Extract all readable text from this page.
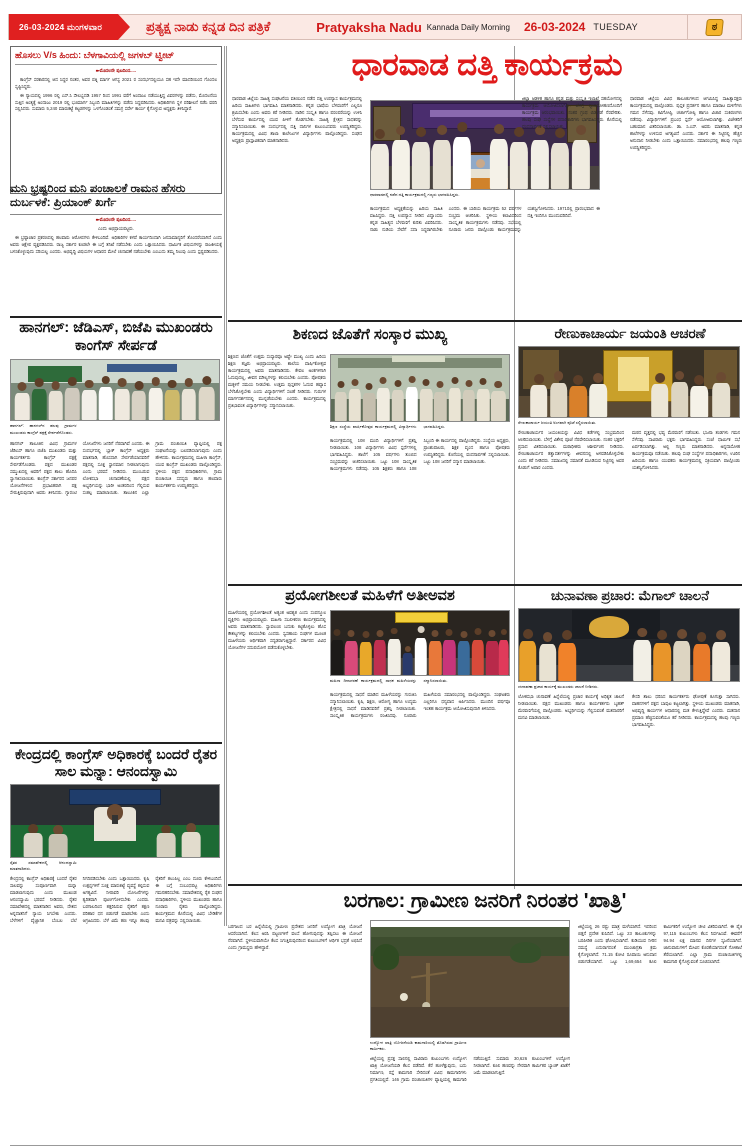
26-03-2024 ಮಂಗಳವಾರ	ಪ್ರತ್ಯಕ್ಷ ನಾಡು ಕನ್ನಡ ದಿನ ಪತ್ರಿಕೆ	Pratyaksha Nadu Kannada Daily Morning 26-03-2024 TUESDAY	ಠ
ಹೊಸಲು V/s ಹಿಂದು: ಬೆಳಗಾವಿಯಲ್ಲಿ ಜಗಳಬ್ ಟ್ವೀಟ್

➨ಮೊದಲನೇ ಪುಟದಿಂದ.....

ಕಾಂಗ್ರೆಸ್ ಸರಕಾರದಲ್ಲಿ ಆದ ಸಿದ್ಧರ ನಂತರ, ಅವರ ಪತ್ನಿ ಮಾರ್ಗ ಆಗಸ್ಟ 2021 ರ ಸಂದರ್ಭದಲ್ಲಿಯೂ ಸಹ ಇದೇ ಮಾದರಿಯಿಂದ ಗೊಂದಲ ಸೃಷ್ಟಿಸಿದ್ದರು.

ಈ ನ್ಯಾಯದಲ್ಲಿ 1996 ರಲ್ಲಿ ಎಸ್.ಸಿ ಸೌಲಭ್ಯದಡಿ 1957 ರಿಂದ 1991 ವರೆಗೆ ಅಂದಾಜು ನಡೆಯುತ್ತಿದ್ದ ವಿವರಗಳನ್ನು ಪಡೆದು, ಮೊದಲನೆಯ ಸುತ್ತಿನ ಅಂತ್ಯಕ್ಕೆ ಅಂದಾಜು 2019 ರಲ್ಲಿ ಭೂಮಾರ್ಗ ಸಿಬ್ಬಂದಿ ಮಾಹಿತಿಗಳನ್ನು ಪಡೆದು ಸಿದ್ಧಪಡಿಸಿದರು. ಅಧಿಕಾರಿಗಳು ಸ್ಥಳ ಪರಿಶೀಲನೆ ನಡೆಸಿ ವರದಿ ಸಲ್ಲಿಸಿದರು. ಸುಮಾರು 5,240 ಮಾರುಕಟ್ಟೆ ಕಟ್ಟಡಗಳನ್ನು ಒಳಗೊಂಡಂತೆ ಸಮಗ್ರ ಸರ್ವೇ ಕಾರ್ಯ ಕೈಗೊಳ್ಳುವ ಅಧ್ಯಕ್ಷರು ತಿಳಿಸಿದ್ದಾರೆ.

ಮನಿ ಭ್ರಷ್ಟರಿಂದ ಮನಿ ಪಂಚಾಲಕೆ ರಾಮನ ಹೆಸರು ದುರ್ಬಳಕೆ: ಪ್ರಿಯಾಂಕ್ ಖರ್ಗೆ

➨ಮೊದಲನೇ ಪುಟದಿಂದ.....

ಎಂದು ಅಭಿಪ್ರಾಯಪಟ್ಟರು.

ಈ ಭ್ರಷ್ಟಾಚಾರ ಪ್ರಕರಣದಲ್ಲಿ ಹಲವಾರು ಆರೋಪಗಳು ಕೇಳಿಬಂದಿವೆ. ಅಧಿಕಾರಿಗಳ ಕಳಪೆ ಕಾರ್ಯದಿಂದಾಗಿ ಜನಸಾಮಾನ್ಯರಿಗೆ ತೊಂದರೆಯಾಗಿದೆ ಎಂದು ಅವರು ಆಕ್ಷೇಪ ವ್ಯಕ್ತಪಡಿಸಿದರು. ರಾಜ್ಯ ಸರ್ಕಾರ ಕೂಡಲೇ ಈ ಬಗ್ಗೆ ತನಿಖೆ ನಡೆಸಬೇಕು ಎಂದು ಒತ್ತಾಯಿಸಿದರು. ಧಾರ್ಮಿಕ ವಿಷಯಗಳನ್ನು ರಾಜಕೀಯಕ್ಕೆ ಬಳಸಿಕೊಳ್ಳುವುದು ಸರಿಯಲ್ಲ ಎಂದರು. ಅಭಿವೃದ್ಧಿ ವಿಷಯಗಳ ಆಧಾರದ ಮೇಲೆ ಚುನಾವಣೆ ನಡೆಯಬೇಕು ಎಂಬುದು ತಮ್ಮ ನಿಲುವು ಎಂದು ಸ್ಪಷ್ಟಪಡಿಸಿದರು.

ಹಾನಗಲ್: ಜೆಡಿಎಸ್, ಬಿಜೆಪಿ ಮುಖಂಡರು ಕಾಂಗೆಸ್ ಸೇರ್ಪಡೆ
ಹಾನಗಲ್: ಹಾನಗಲ್‌ನ ಹಲವು ಗ್ರಾಮಗಳ ಮುಖಂಡರು ಕಾಂಗ್ರೆಸ್ ಪಕ್ಷಕ್ಕೆ ಸೇರ್ಪಡೆಗೊಂಡರು.
ಹಾನಗಲ್ ತಾಲೂಕಿನ ವಿವಿಧ ಗ್ರಾಮಗಳ ಜೆಡಿಎಸ್ ಹಾಗೂ ಬಿಜೆಪಿ ಮುಖಂಡರು ಮತ್ತು ಕಾರ್ಯಕರ್ತರು ಕಾಂಗ್ರೆಸ್ ಪಕ್ಷಕ್ಕೆ ಸೇರ್ಪಡೆಗೊಂಡರು. ಪಕ್ಷದ ಮುಖಂಡರ ಸಮ್ಮುಖದಲ್ಲಿ ಅವರಿಗೆ ಪಕ್ಷದ ಶಾಲು ಹೊದಿಸಿ ಸ್ವಾಗತಿಸಲಾಯಿತು. ಕಾಂಗ್ರೆಸ್ ಸರ್ಕಾರದ ಜನಪರ ಯೋಜನೆಗಳಿಂದ ಪ್ರಭಾವಿತರಾಗಿ ಪಕ್ಷ ಸೇರುತ್ತಿರುವುದಾಗಿ ಅವರು ತಿಳಿಸಿದರು. ಗ್ಯಾರಂಟಿ ಯೋಜನೆಗಳು ಜನರಿಗೆ ನೆರವಾಗಿವೆ ಎಂದರು. ಈ ಸಂದರ್ಭದಲ್ಲಿ ಬ್ಲಾಕ್ ಕಾಂಗ್ರೆಸ್ ಅಧ್ಯಕ್ಷರು ಮಾತನಾಡಿ, ಹೊಸದಾಗಿ ಸೇರ್ಪಡೆಯಾದವರಿಗೆ ಪಕ್ಷದಲ್ಲಿ ಸೂಕ್ತ ಸ್ಥಾನಮಾನ ನೀಡಲಾಗುವುದು ಎಂದು ಭರವಸೆ ನೀಡಿದರು. ಮುಂಬರುವ ಲೋಕಸಭಾ ಚುನಾವಣೆಯಲ್ಲಿ ಪಕ್ಷದ ಅಭ್ಯರ್ಥಿಯನ್ನು ಭಾರೀ ಅಂತರದಿಂದ ಗೆಲ್ಲಿಸುವ ಸಂಕಲ್ಪ ಮಾಡಲಾಯಿತು. ತಾಲೂಕಿನ ಎಲ್ಲಾ ಗ್ರಾಮ ಪಂಚಾಯಿತಿ ವ್ಯಾಪ್ತಿಯಲ್ಲಿ ಪಕ್ಷ ಸಂಘಟನೆಯನ್ನು ಬಲಪಡಿಸಲಾಗುವುದು ಎಂದು ಹೇಳಿದರು. ಕಾರ್ಯಕ್ರಮದಲ್ಲಿ ಮಹಿಳಾ ಕಾಂಗ್ರೆಸ್, ಯುವ ಕಾಂಗ್ರೆಸ್ ಮುಖಂಡರು ಪಾಲ್ಗೊಂಡಿದ್ದರು. ಸ್ಥಳೀಯ ಪಕ್ಷದ ಪದಾಧಿಕಾರಿಗಳು, ಗ್ರಾಮ ಪಂಚಾಯಿತಿ ಸದಸ್ಯರು ಹಾಗೂ ಹಲವಾರು ಕಾರ್ಯಕರ್ತರು ಉಪಸ್ಥಿತರಿದ್ದರು.
ಕೇಂದ್ರದಲ್ಲಿ ಕಾಂಗ್ರೆಸ್ ಅಧಿಕಾರಕ್ಕೆ ಬಂದರೆ ರೈತರ ಸಾಲ ಮನ್ನಾ: ಆನಂದಸ್ವಾಮಿ
ರೈತರ ಸಮಾವೇಶದಲ್ಲಿ ಆನಂದಸ್ವಾಮಿ ಮಾತನಾಡಿದರು.
ಕೇಂದ್ರದಲ್ಲಿ ಕಾಂಗ್ರೆಸ್ ಅಧಿಕಾರಕ್ಕೆ ಬಂದರೆ ರೈತರ ಸಾಲವನ್ನು ಸಂಪೂರ್ಣವಾಗಿ ಮನ್ನಾ ಮಾಡಲಾಗುವುದು ಎಂದು ಮುಖಂಡ ಆನಂದಸ್ವಾಮಿ ಭರವಸೆ ನೀಡಿದರು. ರೈತರ ಸಮಾವೇಶದಲ್ಲಿ ಮಾತನಾಡಿದ ಅವರು, ದೇಶದ ಅನ್ನದಾತನಿಗೆ ನ್ಯಾಯ ಸಿಗಬೇಕು ಎಂದರು. ಬೆಳೆಗಳಿಗೆ ವೈಜ್ಞಾನಿಕ ಬೆಂಬಲ ಬೆಲೆ ನಿಗದಿಪಡಿಸಬೇಕು ಎಂದು ಒತ್ತಾಯಿಸಿದರು. ಕೃಷಿ ಉತ್ಪನ್ನಗಳಿಗೆ ಸೂಕ್ತ ಮಾರುಕಟ್ಟೆ ವ್ಯವಸ್ಥೆ ಕಲ್ಪಿಸುವ ಅಗತ್ಯವಿದೆ. ನೀರಾವರಿ ಯೋಜನೆಗಳನ್ನು ತ್ವರಿತವಾಗಿ ಪೂರ್ಣಗೊಳಿಸಬೇಕು ಎಂದರು. ಬರಗಾಲದಿಂದ ತತ್ತರಿಸಿರುವ ರೈತರಿಗೆ ತಕ್ಷಣ ಪರಿಹಾರ ಧನ ಬಿಡುಗಡೆ ಮಾಡಬೇಕು ಎಂದು ಆಗ್ರಹಿಸಿದರು. ಬೆಳೆ ವಿಮೆ ಹಣ ಇನ್ನೂ ಹಲವು ರೈತರಿಗೆ ತಲುಪಿಲ್ಲ ಎಂಬ ದೂರು ಕೇಳಿಬಂದಿದೆ. ಈ ಬಗ್ಗೆ ಸಂಬಂಧಪಟ್ಟ ಅಧಿಕಾರಿಗಳು ಗಮನಹರಿಸಬೇಕು. ಸಮಾವೇಶದಲ್ಲಿ ರೈತ ಸಂಘದ ಪದಾಧಿಕಾರಿಗಳು, ಸ್ಥಳೀಯ ಮುಖಂಡರು ಹಾಗೂ ನೂರಾರು ರೈತರು ಪಾಲ್ಗೊಂಡಿದ್ದರು. ಕಾರ್ಯಕ್ರಮದ ಕೊನೆಯಲ್ಲಿ ವಿವಿಧ ಬೇಡಿಕೆಗಳ ಮನವಿ ಪತ್ರವನ್ನು ಸಲ್ಲಿಸಲಾಯಿತು.
ಧಾರವಾಡ ದತ್ತಿ ಕಾರ್ಯಕ್ರಮ
ಧಾರವಾಡ ಜಿಲ್ಲೆಯ ಸಾಹಿತ್ಯ ಸಂಘಟನೆಯ ವತಿಯಿಂದ ನಡೆದ ದತ್ತಿ ಉಪನ್ಯಾಸ ಕಾರ್ಯಕ್ರಮದಲ್ಲಿ ಹಿರಿಯ ಸಾಹಿತಿಗಳು ಭಾಗವಹಿಸಿ ಮಾತನಾಡಿದರು. ಕನ್ನಡ ಭಾಷೆಯ ಬೆಳವಣಿಗೆಗೆ ಎಲ್ಲರೂ ಶ್ರಮಿಸಬೇಕು ಎಂದು ಅವರು ಕರೆ ನೀಡಿದರು. ನಾಡಿನ ಸಂಸ್ಕೃತಿ ಹಾಗೂ ಪರಂಪರೆಯನ್ನು ಉಳಿಸಿ ಬೆಳೆಸುವ ಕಾರ್ಯದಲ್ಲಿ ಯುವ ಪೀಳಿಗೆ ತೊಡಗಬೇಕು. ಸಾಹಿತ್ಯ ಕ್ಷೇತ್ರದ ಸಾಧಕರನ್ನು ಸನ್ಮಾನಿಸಲಾಯಿತು. ಈ ಸಂದರ್ಭದಲ್ಲಿ ದತ್ತಿ ದಾನಿಗಳ ಕುಟುಂಬದವರು ಉಪಸ್ಥಿತರಿದ್ದರು. ಕಾರ್ಯಕ್ರಮದಲ್ಲಿ ವಿವಿಧ ಶಾಲಾ ಕಾಲೇಜುಗಳ ವಿದ್ಯಾರ್ಥಿಗಳು ಪಾಲ್ಗೊಂಡಿದ್ದರು. ಸಂಘದ ಅಧ್ಯಕ್ಷರು ಪ್ರಾಸ್ತಾವಿಕವಾಗಿ ಮಾತನಾಡಿದರು.
ಧಾರವಾಡದಲ್ಲಿ ನಡೆದ ದತ್ತಿ ಕಾರ್ಯಕ್ರಮದಲ್ಲಿ ಗಣ್ಯರು ಭಾಗವಹಿಸಿದ್ದರು.
ಕಾರ್ಯಕ್ರಮದ ಅಧ್ಯಕ್ಷತೆಯನ್ನು ಹಿರಿಯ ಸಾಹಿತಿ ವಹಿಸಿದ್ದರು. ದತ್ತಿ ಉಪನ್ಯಾಸ ನೀಡಿದ ವಿದ್ವಾಂಸರು ಕನ್ನಡ ಸಾಹಿತ್ಯದ ಬೆಳವಣಿಗೆ ಕುರಿತು ವಿವರಿಸಿದರು. ನಾಡು ನುಡಿಯ ಸೇವೆಗೆ ಸದಾ ಸಿದ್ಧರಾಗಿರಬೇಕು ಎಂದರು. ಈ ಬಾರಿಯ ಕಾರ್ಯಕ್ರಮ 52 ವರ್ಷಗಳ ಸಂಭ್ರಮ ಆಚರಿಸಿತು. ಸ್ಥಳೀಯ ಕಲಾವಿದರಿಂದ ಸಾಂಸ್ಕೃತಿಕ ಕಾರ್ಯಕ್ರಮಗಳು ನಡೆದವು. ಸಭೆಯಲ್ಲಿ ನೂರಾರು ಜನರು ಪಾಲ್ಗೊಂಡು ಕಾರ್ಯಕ್ರಮವನ್ನು ಯಶಸ್ವಿಗೊಳಿಸಿದರು. 1971ರಲ್ಲಿ ಪ್ರಾರಂಭವಾದ ಈ ದತ್ತಿ ಇಂದಿಗೂ ಮುಂದುವರಿದಿದೆ.
ಜಿಲ್ಲಾ ಆಡಳಿತ ಹಾಗೂ ಕನ್ನಡ ಮತ್ತು ಸಂಸ್ಕೃತಿ ಇಲಾಖೆ ಸಹಯೋಗದಲ್ಲಿ ಕಾರ್ಯಕ್ರಮ ಆಯೋಜಿಸಲಾಗಿತ್ತು. ಬೆಳಿಗ್ಗೆ ಧ್ವಜಾರೋಹಣದೊಂದಿಗೆ ಕಾರ್ಯಕ್ರಮ ಆರಂಭವಾಯಿತು. ನಂತರ ಗ್ರಂಥ ಬಿಡುಗಡೆ ನೆರವೇರಿತು. ಹಲವು ಸಂಘ ಸಂಸ್ಥೆಗಳ ಪದಾಧಿಕಾರಿಗಳು ಭಾಗವಹಿಸಿದ್ದರು. ಕೊನೆಯಲ್ಲಿ ವಂದನಾರ್ಪಣೆ ಸಲ್ಲಿಸಲಾಯಿತು.
ಧಾರವಾಡ ಜಿಲ್ಲೆಯ ವಿವಿಧ ತಾಲೂಕುಗಳಿಂದ ಆಗಮಿಸಿದ್ದ ಸಾಹಿತ್ಯಾಸಕ್ತರು ಕಾರ್ಯಕ್ರಮದಲ್ಲಿ ಪಾಲ್ಗೊಂಡರು. ಪುಸ್ತಕ ಪ್ರದರ್ಶನ ಹಾಗೂ ಮಾರಾಟ ಮಳಿಗೆಗಳು ಗಮನ ಸೆಳೆದವು. ಕವಿಗೋಷ್ಠಿ, ಚರ್ಚಾಗೋಷ್ಠಿ ಹಾಗೂ ವಿಚಾರ ಸಂಕಿರಣಗಳು ನಡೆದವು. ವಿದ್ಯಾರ್ಥಿಗಳಿಗೆ ಪ್ರಬಂಧ ಸ್ಪರ್ಧೆ ಆಯೋಜಿಸಲಾಗಿತ್ತು. ವಿಜೇತರಿಗೆ ಬಹುಮಾನ ವಿತರಿಸಲಾಯಿತು. ಡಾ. ಸಿ.ಎಸ್. ಅವರು ಮಾತನಾಡಿ, ಕನ್ನಡ ಶಾಲೆಗಳನ್ನು ಉಳಿಸುವ ಅಗತ್ಯವಿದೆ ಎಂದರು. ಸರ್ಕಾರ ಈ ನಿಟ್ಟಿನಲ್ಲಿ ಹೆಚ್ಚಿನ ಅನುದಾನ ನೀಡಬೇಕು ಎಂದು ಒತ್ತಾಯಿಸಿದರು. ಸಮಾರಂಭದಲ್ಲಿ ಹಲವು ಗಣ್ಯರು ಉಪಸ್ಥಿತರಿದ್ದರು.
ಶಿಕಣದ ಜೊತೆಗೆ ಸಂಸ್ಕಾರ ಮುಖ್ಯ
ಶಿಕ್ಷಣದ ಜೊತೆಗೆ ಉತ್ತಮ ಸಂಸ್ಕಾರವೂ ಅಷ್ಟೇ ಮುಖ್ಯ ಎಂದು ಹಿರಿಯ ಶಿಕ್ಷಣ ತಜ್ಞರು ಅಭಿಪ್ರಾಯಪಟ್ಟರು. ಶಾಲೆಯ ವಾರ್ಷಿಕೋತ್ಸವ ಕಾರ್ಯಕ್ರಮದಲ್ಲಿ ಅವರು ಮಾತನಾಡಿದರು. ಕೇವಲ ಅಂಕಗಳಿಗಾಗಿ ಓದುವುದಲ್ಲ, ಜೀವನ ಮೌಲ್ಯಗಳನ್ನು ಕಲಿಯಬೇಕು ಎಂದರು. ಪೋಷಕರು ಮಕ್ಕಳಿಗೆ ಸಮಯ ನೀಡಬೇಕು. ಉತ್ತಮ ಪುಸ್ತಕಗಳ ಓದುವ ಹವ್ಯಾಸ ಬೆಳೆಸಿಕೊಳ್ಳಬೇಕು ಎಂದು ವಿದ್ಯಾರ್ಥಿಗಳಿಗೆ ಸಲಹೆ ನೀಡಿದರು. ಗುರುಗಳ ಮಾರ್ಗದರ್ಶನದಲ್ಲಿ ಮುನ್ನಡೆಯಬೇಕು ಎಂದರು. ಕಾರ್ಯಕ್ರಮದಲ್ಲಿ ಪ್ರತಿಭಾವಂತ ವಿದ್ಯಾರ್ಥಿಗಳನ್ನು ಸನ್ಮಾನಿಸಲಾಯಿತು.
ಶಿಕ್ಷಣ ಸಂಸ್ಥೆಯ ವಾರ್ಷಿಕೋತ್ಸವ ಕಾರ್ಯಕ್ರಮದಲ್ಲಿ ವಿದ್ಯಾರ್ಥಿಗಳು ಭಾಗವಹಿಸಿದ್ದರು.
ಕಾರ್ಯಕ್ರಮದಲ್ಲಿ 108 ಮಂದಿ ವಿದ್ಯಾರ್ಥಿಗಳಿಗೆ ಪ್ರಶಸ್ತಿ ನೀಡಲಾಯಿತು. 108 ವಿದ್ಯಾರ್ಥಿಗಳು ವಿವಿಧ ಸ್ಪರ್ಧೆಗಳಲ್ಲಿ ಭಾಗವಹಿಸಿದ್ದರು. ಶಾಲೆಗೆ 105 ವರ್ಷಗಳು ತುಂಬಿದ ಸಂಭ್ರಮವನ್ನು ಆಚರಿಸಲಾಯಿತು. ಒಟ್ಟು 108 ಸಾಂಸ್ಕೃತಿಕ ಕಾರ್ಯಕ್ರಮಗಳು ನಡೆದವು. 105 ಶಿಕ್ಷಕರು ಹಾಗೂ 108 ಸಿಬ್ಬಂದಿ ಈ ಕಾರ್ಯದಲ್ಲಿ ಪಾಲ್ಗೊಂಡಿದ್ದರು. ಸಂಸ್ಥೆಯ ಅಧ್ಯಕ್ಷರು, ಪ್ರಾಂಶುಪಾಲರು, ಶಿಕ್ಷಕ ವೃಂದ ಹಾಗೂ ಪೋಷಕರು ಉಪಸ್ಥಿತರಿದ್ದರು. ಕೊನೆಯಲ್ಲಿ ವಂದನಾರ್ಪಣೆ ಸಲ್ಲಿಸಲಾಯಿತು. ಒಟ್ಟು 108 ಜನರಿಗೆ ಸನ್ಮಾನ ಮಾಡಲಾಯಿತು.
ರೇಣುಕಾಚಾರ್ಯ ಜಯಂತಿ ಆಚರಣೆ
ರೇಣುಕಾಚಾರ್ಯ ಜಯಂತಿ ಅಂಗವಾಗಿ ಪೂಜೆ ಸಲ್ಲಿಸಲಾಯಿತು.
ರೇಣುಕಾಚಾರ್ಯರ ಜಯಂತಿಯನ್ನು ವಿವಿಧ ಕಡೆಗಳಲ್ಲಿ ಸಂಭ್ರಮದಿಂದ ಆಚರಿಸಲಾಯಿತು. ಬೆಳಗ್ಗೆ ವಿಶೇಷ ಪೂಜೆ ನೆರವೇರಿಸಲಾಯಿತು. ನಂತರ ಭಕ್ತರಿಗೆ ಪ್ರಸಾದ ವಿತರಿಸಲಾಯಿತು. ಮಠಾಧೀಶರು ಆಶೀರ್ವಚನ ನೀಡಿದರು. ರೇಣುಕಾಚಾರ್ಯರ ತತ್ವಾದರ್ಶಗಳನ್ನು ಜೀವನದಲ್ಲಿ ಅಳವಡಿಸಿಕೊಳ್ಳಬೇಕು ಎಂದು ಕರೆ ನೀಡಿದರು. ಸಮಾಜದಲ್ಲಿ ಸಮಾನತೆ ಮೂಡಿಸುವ ನಿಟ್ಟಿನಲ್ಲಿ ಅವರ ಕೊಡುಗೆ ಅಪಾರ ಎಂದರು.
ಮಠದ ವೃತ್ತದಲ್ಲಿ ಭವ್ಯ ಮೆರವಣಿಗೆ ನಡೆಯಿತು. ಭಜನಾ ತಂಡಗಳು ಗಮನ ಸೆಳೆದವು. ಸಾವಿರಾರು ಭಕ್ತರು ಭಾಗವಹಿಸಿದ್ದರು. ಸಂಜೆ ಧಾರ್ಮಿಕ ಸಭೆ ಏರ್ಪಡಿಸಲಾಗಿತ್ತು. ಅಲ್ಲಿ ಗಣ್ಯರು ಮಾತನಾಡಿದರು. ಅನ್ನದಾಸೋಹ ಕಾರ್ಯಕ್ರಮವೂ ನಡೆಯಿತು. ಹಲವು ಸಂಘ ಸಂಸ್ಥೆಗಳ ಪದಾಧಿಕಾರಿಗಳು, ಊರಿನ ಹಿರಿಯರು ಹಾಗೂ ಯುವಕರು ಕಾರ್ಯಕ್ರಮದಲ್ಲಿ ಸಕ್ರಿಯವಾಗಿ ಪಾಲ್ಗೊಂಡು ಯಶಸ್ವಿಗೊಳಿಸಿದರು.
ಪ್ರಯೋಗಶೀಲತೆ ಮಹಿಳೆಗೆ ಅತೀಅವಶ
ಮಹಿಳೆಯರಲ್ಲಿ ಪ್ರಯೋಗಶೀಲತೆ ಅತ್ಯಂತ ಅವಶ್ಯಕ ಎಂದು ಸಂಪನ್ಮೂಲ ವ್ಯಕ್ತಿಗಳು ಅಭಿಪ್ರಾಯಪಟ್ಟರು. ಮಹಿಳಾ ಸಬಲೀಕರಣ ಕಾರ್ಯಕ್ರಮದಲ್ಲಿ ಅವರು ಮಾತನಾಡಿದರು. ಸ್ವಾವಲಂಬಿ ಬದುಕು ಕಟ್ಟಿಕೊಳ್ಳಲು ಹೊಸ ಕೌಶಲ್ಯಗಳನ್ನು ಕಲಿಯಬೇಕು ಎಂದರು. ಸ್ವಸಹಾಯ ಸಂಘಗಳ ಮೂಲಕ ಮಹಿಳೆಯರು ಆರ್ಥಿಕವಾಗಿ ಸದೃಢರಾಗುತ್ತಿದ್ದಾರೆ. ಸರ್ಕಾರದ ವಿವಿಧ ಯೋಜನೆಗಳ ಸದುಪಯೋಗ ಪಡೆದುಕೊಳ್ಳಬೇಕು.
ಮಹಿಳಾ ದಿನಾಚರಣೆ ಕಾರ್ಯಕ್ರಮದಲ್ಲಿ ಸಾಧಕ ಮಹಿಳೆಯರನ್ನು ಸನ್ಮಾನಿಸಲಾಯಿತು.
ಕಾರ್ಯಕ್ರಮದಲ್ಲಿ ಸಾಧನೆ ಮಾಡಿದ ಮಹಿಳೆಯರನ್ನು ಗುರುತಿಸಿ ಸನ್ಮಾನಿಸಲಾಯಿತು. ಕೃಷಿ, ಶಿಕ್ಷಣ, ಆರೋಗ್ಯ ಹಾಗೂ ಉದ್ಯಮ ಕ್ಷೇತ್ರದಲ್ಲಿ ಸಾಧನೆ ಮಾಡಿದವರಿಗೆ ಪ್ರಶಸ್ತಿ ನೀಡಲಾಯಿತು. ಸಾಂಸ್ಕೃತಿಕ ಕಾರ್ಯಕ್ರಮಗಳು ರಂಜಿಸಿದವು. ನೂರಾರು ಮಹಿಳೆಯರು ಸಮಾರಂಭದಲ್ಲಿ ಪಾಲ್ಗೊಂಡಿದ್ದರು. ಸಂಘಟಕರು ಎಲ್ಲರಿಗೂ ಧನ್ಯವಾದ ಅರ್ಪಿಸಿದರು. ಮುಂದಿನ ವರ್ಷವೂ ಇಂತಹ ಕಾರ್ಯಕ್ರಮ ಆಯೋಜಿಸುವುದಾಗಿ ತಿಳಿಸಿದರು.
ಚುನಾವಣಾ ಪ್ರಚಾರ: ಮೆಗಾಲ್ ಚಾಲನೆ
ಚುನಾವಣಾ ಪ್ರಚಾರ ಕಾರ್ಯಕ್ಕೆ ಮುಖಂಡರು ಚಾಲನೆ ನೀಡಿದರು.
ಲೋಕಸಭಾ ಚುನಾವಣೆ ಹಿನ್ನೆಲೆಯಲ್ಲಿ ಪ್ರಚಾರ ಕಾರ್ಯಕ್ಕೆ ಅಧಿಕೃತ ಚಾಲನೆ ನೀಡಲಾಯಿತು. ಪಕ್ಷದ ಮುಖಂಡರು ಹಾಗೂ ಕಾರ್ಯಕರ್ತರು ಬೃಹತ್ ಮೆರವಣಿಗೆಯಲ್ಲಿ ಪಾಲ್ಗೊಂಡರು. ಅಭ್ಯರ್ಥಿಯನ್ನು ಗೆಲ್ಲಿಸುವಂತೆ ಮತದಾರರಿಗೆ ಮನವಿ ಮಾಡಲಾಯಿತು.
ಕೇಸರಿ ಶಾಲು ಧರಿಸಿದ ಕಾರ್ಯಕರ್ತರು ಘೋಷಣೆ ಕೂಗುತ್ತಾ ಸಾಗಿದರು. ವಾಹನಗಳಿಗೆ ಪಕ್ಷದ ಬಾವುಟ ಕಟ್ಟಲಾಗಿತ್ತು. ಸ್ಥಳೀಯ ಮುಖಂಡರು ಮಾತನಾಡಿ, ಅಭಿವೃದ್ಧಿ ಕಾರ್ಯಗಳ ಆಧಾರದಲ್ಲಿ ಮತ ಕೇಳುತ್ತಿದ್ದೇವೆ ಎಂದರು. ಮತದಾನ ಪ್ರಮಾಣ ಹೆಚ್ಚಿಸುವಂತೆಯೂ ಕರೆ ನೀಡಿದರು. ಕಾರ್ಯಕ್ರಮದಲ್ಲಿ ಹಲವು ಗಣ್ಯರು ಭಾಗವಹಿಸಿದ್ದರು.
ಬರಗಾಲ: ಗ್ರಾಮೀಣ ಜನರಿಗೆ ನಿರಂತರ 'ಖಾತ್ರಿ'
ಬರಗಾಲದ ಬರ ಹಿನ್ನೆಲೆಯಲ್ಲಿ ಗ್ರಾಮೀಣ ಪ್ರದೇಶದ ಜನರಿಗೆ ಉದ್ಯೋಗ ಖಾತ್ರಿ ಯೋಜನೆ ಆಸರೆಯಾಗಿದೆ. ಕೆಲಸ ಅರಸಿ ಪಟ್ಟಣಗಳಿಗೆ ವಲಸೆ ಹೋಗುವುದನ್ನು ತಪ್ಪಿಸಲು ಈ ಯೋಜನೆ ನೆರವಾಗಿದೆ. ಸ್ಥಳೀಯವಾಗಿಯೇ ಕೆಲಸ ಸಿಗುತ್ತಿರುವುದರಿಂದ ಕುಟುಂಬಗಳಿಗೆ ಆರ್ಥಿಕ ಭದ್ರತೆ ಲಭಿಸಿದೆ ಎಂದು ಗ್ರಾಮಸ್ಥರು ಹೇಳಿದ್ದಾರೆ.
ಉದ್ಯೋಗ ಖಾತ್ರಿ ಯೋಜನೆಯಡಿ ಕಾಮಗಾರಿಯಲ್ಲಿ ತೊಡಗಿರುವ ಗ್ರಾಮೀಣ ಕಾರ್ಮಿಕರು.
ಜಿಲ್ಲೆಯಲ್ಲಿ ಪ್ರಸಕ್ತ ಸಾಲಿನಲ್ಲಿ ಸಾವಿರಾರು ಕುಟುಂಬಗಳು ಉದ್ಯೋಗ ಖಾತ್ರಿ ಯೋಜನೆಯಡಿ ಕೆಲಸ ಪಡೆದಿವೆ. ಕೆರೆ ಹೂಳೆತ್ತುವುದು, ಬದು ನಿರ್ಮಾಣ, ರಸ್ತೆ ಕಾಮಗಾರಿ ಸೇರಿದಂತೆ ವಿವಿಧ ಕಾಮಗಾರಿಗಳು ಪ್ರಗತಿಯಲ್ಲಿವೆ. 146 ಗ್ರಾಮ ಪಂಚಾಯಿತಿಗಳ ವ್ಯಾಪ್ತಿಯಲ್ಲಿ ಕಾಮಗಾರಿ ನಡೆಯುತ್ತಿದೆ. ಸುಮಾರು 30,626 ಕುಟುಂಬಗಳಿಗೆ ಉದ್ಯೋಗ ನೀಡಲಾಗಿದೆ. ಕೂಲಿ ಹಣವನ್ನು ನೇರವಾಗಿ ಕಾರ್ಮಿಕರ ಬ್ಯಾಂಕ್ ಖಾತೆಗೆ ಜಮೆ ಮಾಡಲಾಗುತ್ತಿದೆ.
ಜಿಲ್ಲೆಯಲ್ಲಿ 26 ರಷ್ಟು ಮಾತ್ರ ಮಳೆಯಾಗಿದೆ. ಇದರಿಂದ ಬಿತ್ತನೆ ಪ್ರದೇಶ ಕುಸಿದಿದೆ. ಒಟ್ಟು 23 ತಾಲೂಕುಗಳನ್ನು ಬರಪೀಡಿತ ಎಂದು ಘೋಷಿಸಲಾಗಿದೆ. ಕುಡಿಯುವ ನೀರಿನ ಸಮಸ್ಯೆ ಎದುರಾಗದಂತೆ ಮುಂಜಾಗ್ರತಾ ಕ್ರಮ ಕೈಗೊಳ್ಳಲಾಗಿದೆ. 71.15 ಕೋಟಿ ರೂಪಾಯಿ ಅನುದಾನ ಬಿಡುಗಡೆಯಾಗಿದೆ. ಒಟ್ಟು 1,69,654 ಕೂಲಿ ಕಾರ್ಮಿಕರಿಗೆ ಉದ್ಯೋಗ ಚೀಟಿ ವಿತರಿಸಲಾಗಿದೆ. ಈ ಪೈಕಿ 97,115 ಕುಟುಂಬಗಳು ಕೆಲಸ ನಿರ್ವಹಿಸಿವೆ. ಈವರೆಗೆ 94.94 ಲಕ್ಷ ಮಾನವ ದಿನಗಳ ಸೃಜನೆಯಾಗಿದೆ. ಜಾನುವಾರುಗಳಿಗೆ ಮೇವಿನ ಕೊರತೆಯಾಗದಂತೆ ಗೋಶಾಲೆ ತೆರೆಯಲಾಗಿದೆ. ಎಲ್ಲಾ ಗ್ರಾಮ ಪಂಚಾಯಿತಿಗಳಲ್ಲಿ ಕಾಮಗಾರಿ ಕೈಗೊಳ್ಳುವಂತೆ ಸೂಚಿಸಲಾಗಿದೆ.
